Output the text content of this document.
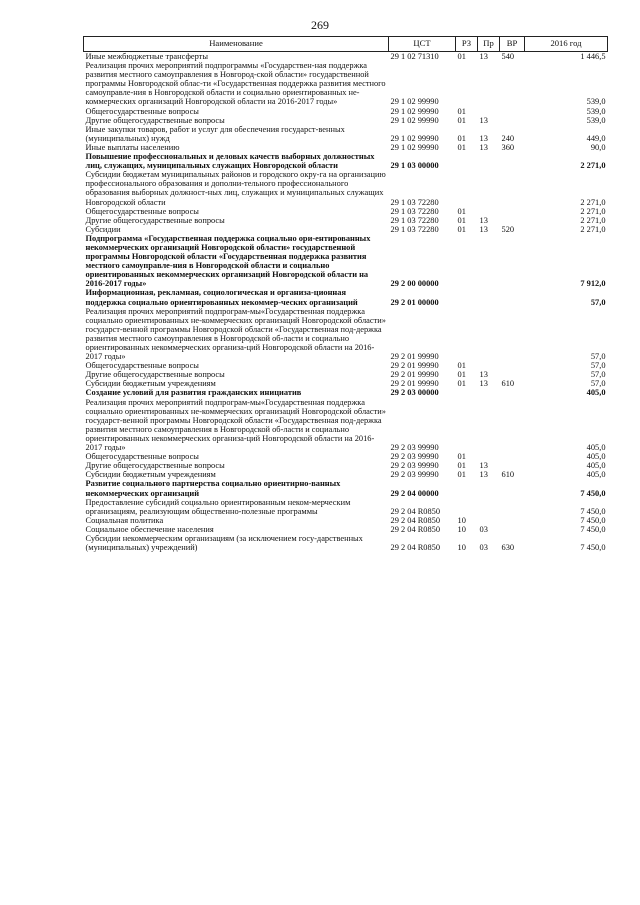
269
Наименование	ЦСТ	РЗ	Пр	ВР	2016 год
Иные межбюджетные трансферты	29 1 02 71310	01	13	540	1 446,5
Реализация прочих мероприятий подпрограммы «Государствен-ная поддержка развития местного самоуправления в Новгород-ской области» государственной программы Новгородской облас-ти «Государственная поддержка развития местного самоуправле-ния в Новгородской области и социально ориентированных не-коммерческих организаций Новгородской области на 2016-2017 годы»	29 1 02 99990				539,0
Общегосударственные вопросы	29 1 02 99990	01			539,0
Другие общегосударственные вопросы	29 1 02 99990	01	13		539,0
Иные закупки товаров, работ и услуг для обеспечения государст-венных (муниципальных) нужд	29 1 02 99990	01	13	240	449,0
Иные выплаты населению	29 1 02 99990	01	13	360	90,0
Повышение профессиональных и деловых качеств выборных должностных лиц, служащих, муниципальных служащих Новгородской области	29 1 03 00000				2 271,0
Субсидии бюджетам муниципальных районов и городского окру-га на организацию профессионального образования и дополни-тельного профессионального образования выборных должност-ных лиц, служащих и муниципальных служащих Новгородской области	29 1 03 72280				2 271,0
Общегосударственные вопросы	29 1 03 72280	01			2 271,0
Другие общегосударственные вопросы	29 1 03 72280	01	13		2 271,0
Субсидии	29 1 03 72280	01	13	520	2 271,0
Подпрограмма «Государственная поддержка социально ори-ентированных некоммерческих организаций Новгородской области» государственной программы Новгородской области «Государственная поддержка развития местного самоуправле-ния в Новгородской области и социально ориентированных некоммерческих организаций Новгородской области на 2016-2017 годы»	29 2 00 00000				7 912,0
Информационная, рекламная, социологическая и организа-ционная поддержка социально ориентированных некоммер-ческих организаций	29 2 01 00000				57,0
Реализация прочих мероприятий подпрограм-мы«Государственная поддержка социально ориентированных не-коммерческих организаций Новгородской области» государст-венной программы Новгородской области «Государственная под-держка развития местного самоуправления в Новгородской об-ласти и социально ориентированных некоммерческих организа-ций Новгородской области на 2016-2017 годы»	29 2 01 99990				57,0
Общегосударственные вопросы	29 2 01 99990	01			57,0
Другие общегосударственные вопросы	29 2 01 99990	01	13		57,0
Субсидии бюджетным учреждениям	29 2 01 99990	01	13	610	57,0
Создание условий для развития гражданских инициатив	29 2 03 00000				405,0
Реализация прочих мероприятий подпрограм-мы«Государственная поддержка социально ориентированных не-коммерческих организаций Новгородской области» государст-венной программы Новгородской области «Государственная под-держка развития местного самоуправления в Новгородской об-ласти и социально ориентированных некоммерческих организа-ций Новгородской области на 2016-2017 годы»	29 2 03 99990				405,0
Общегосударственные вопросы	29 2 03 99990	01			405,0
Другие общегосударственные вопросы	29 2 03 99990	01	13		405,0
Субсидии бюджетным учреждениям	29 2 03 99990	01	13	610	405,0
Развитие социального партнерства социально ориентирно-ванных некоммерческих организаций	29 2 04 00000				7 450,0
Предоставление субсидий социально ориентированным неком-мерческим организациям, реализующим общественно-полезные программы	29 2 04 R0850				7 450,0
Социальная политика	29 2 04 R0850	10			7 450,0
Социальное обеспечение населения	29 2 04 R0850	10	03		7 450,0
Субсидии некоммерческим организациям (за исключением госу-дарственных (муниципальных) учреждений)	29 2 04 R0850	10	03	630	7 450,0
